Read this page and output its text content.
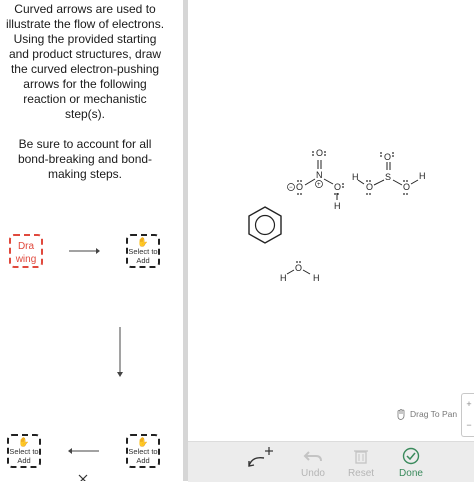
Curved arrows are used to illustrate the flow of electrons. Using the provided starting and product structures, draw the curved electron-pushing arrows for the following reaction or mechanistic step(s).

Be sure to account for all bond-breaking and bond-making steps.

Dra
wing
✋
Select to Add
✋
Select to Add
✋
Select to Add
O
N
+
O
−	O
H
O
S
O
H
O
H
O
H	H
Drag To Pan
+
−
Undo Reset Done
